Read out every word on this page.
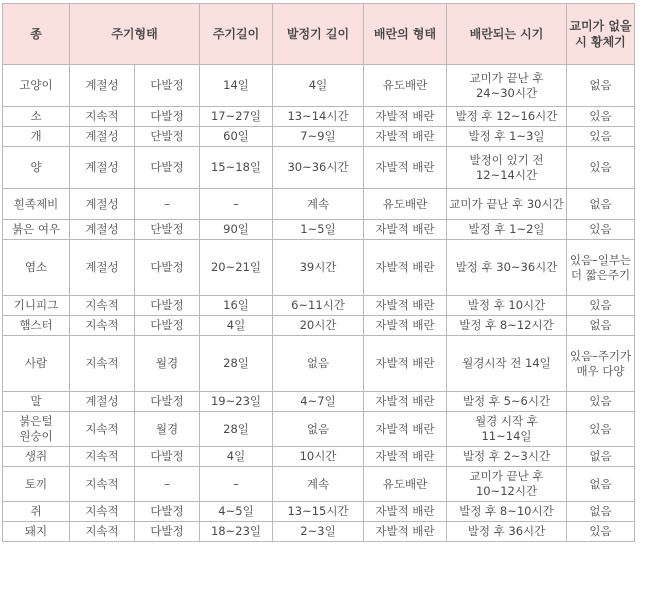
종	주기형태		주기길이	발정기 길이	배란의 형태	배란되는 시기	교미가 없을 시 황체기
고양이	계절성	다발정	14일	4일	유도배란	교미가 끝난 후 24~30시간	없음
소	지속적	다발정	17~27일	13~14시간	자발적 배란	발정 후 12~16시간	있음
개	계절성	단발정	60일	7~9일	자발적 배란	발정 후 1~3일	있음
양	계절성	다발정	15~18일	30~36시간	자발적 배란	발정이 있기 전 12~14시간	있음
흰족제비	계절성	–	–	계속	유도배란	교미가 끝난 후 30시간	없음
붉은 여우	계절성	단발정	90일	1~5일	자발적 배란	발정 후 1~2일	있음
염소	계절성	다발정	20~21일	39시간	자발적 배란	발정 후 30~36시간	있음–일부는 더 짧은주기
기니피그	지속적	다발정	16일	6~11시간	자발적 배란	발정 후 10시간	있음
햄스터	지속적	다발정	4일	20시간	자발적 배란	발정 후 8~12시간	없음
사람	지속적	월경	28일	없음	자발적 배란	월경시작 전 14일	있음–주기가 매우 다양
말	계절성	다발정	19~23일	4~7일	자발적 배란	발정 후 5~6시간	있음
붉은털 원숭이	지속적	월경	28일	없음	자발적 배란	월경 시작 후 11~14일	있음
생쥐	지속적	다발정	4일	10시간	자발적 배란	발정 후 2~3시간	없음
토끼	지속적	–	–	계속	유도배란	교미가 끝난 후 10~12시간	없음
쥐	지속적	다발정	4~5일	13~15시간	자발적 배란	발정 후 8~10시간	없음
돼지	지속적	다발정	18~23일	2~3일	자발적 배란	발정 후 36시간	있음
